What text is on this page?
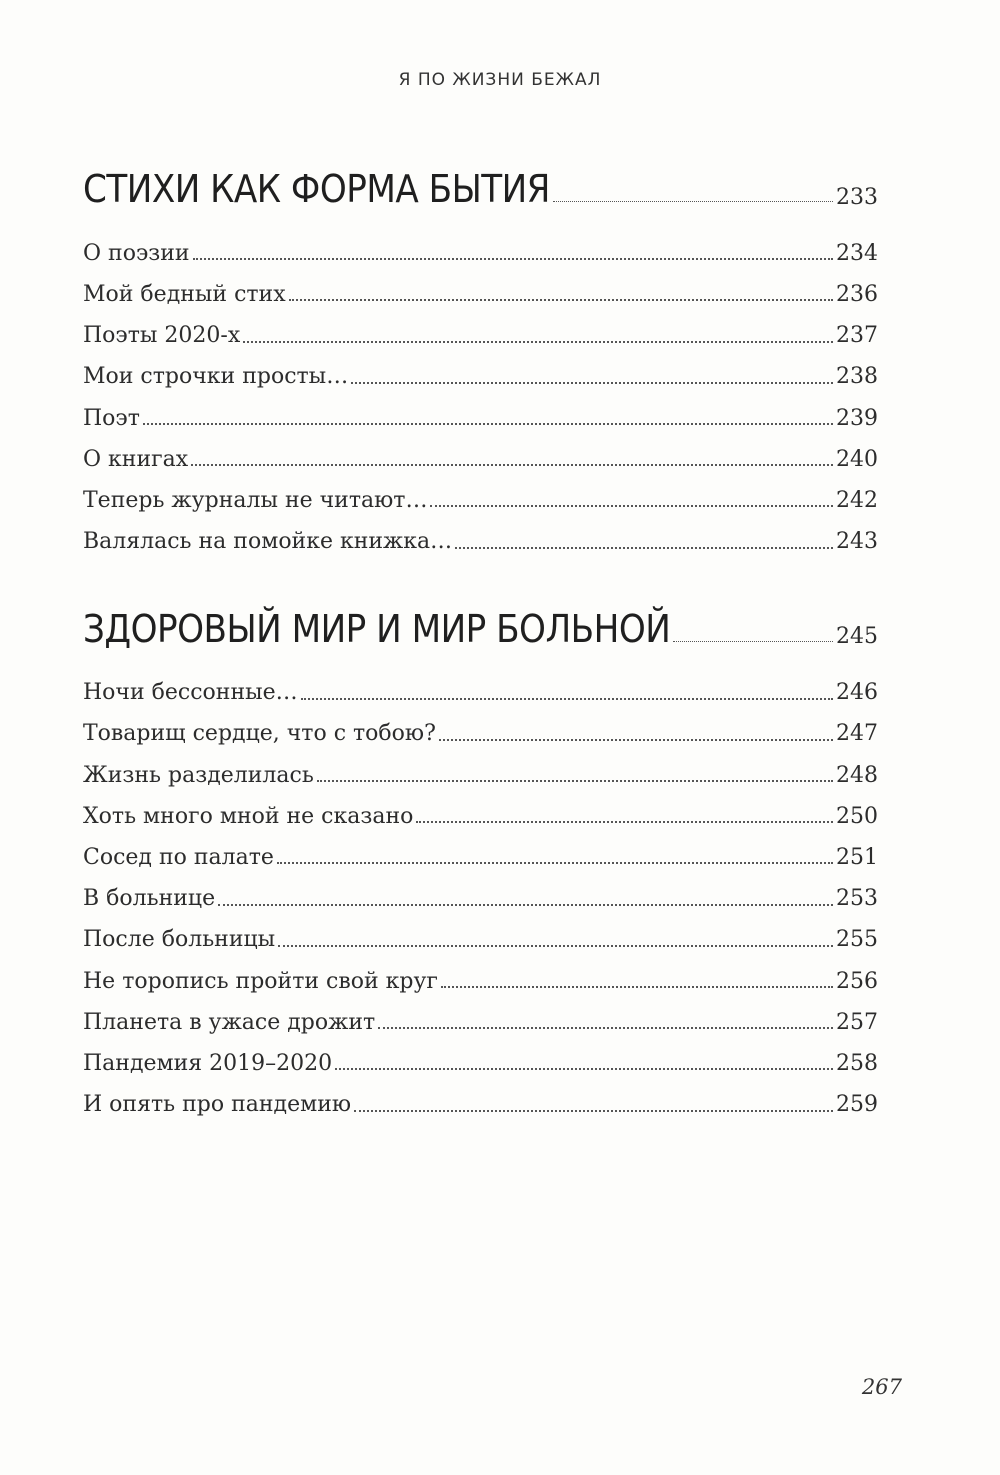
Я ПО ЖИЗНИ БЕЖАЛ
СТИХИ КАК ФОРМА БЫТИЯ	233
О поэзии	234
Мой бедный стих	236
Поэты 2020-х	237
Мои строчки просты…	238
Поэт	239
О книгах	240
Теперь журналы не читают…	242
Валялась на помойке книжка…	243
ЗДОРОВЫЙ МИР И МИР БОЛЬНОЙ	245
Ночи бессонные…	246
Товарищ сердце, что с тобою?	247
Жизнь разделилась	248
Хоть много мной не сказано	250
Сосед по палате	251
В больнице	253
После больницы	255
Не торопись пройти свой круг	256
Планета в ужасе дрожит	257
Пандемия 2019–2020	258
И опять про пандемию	259
267
